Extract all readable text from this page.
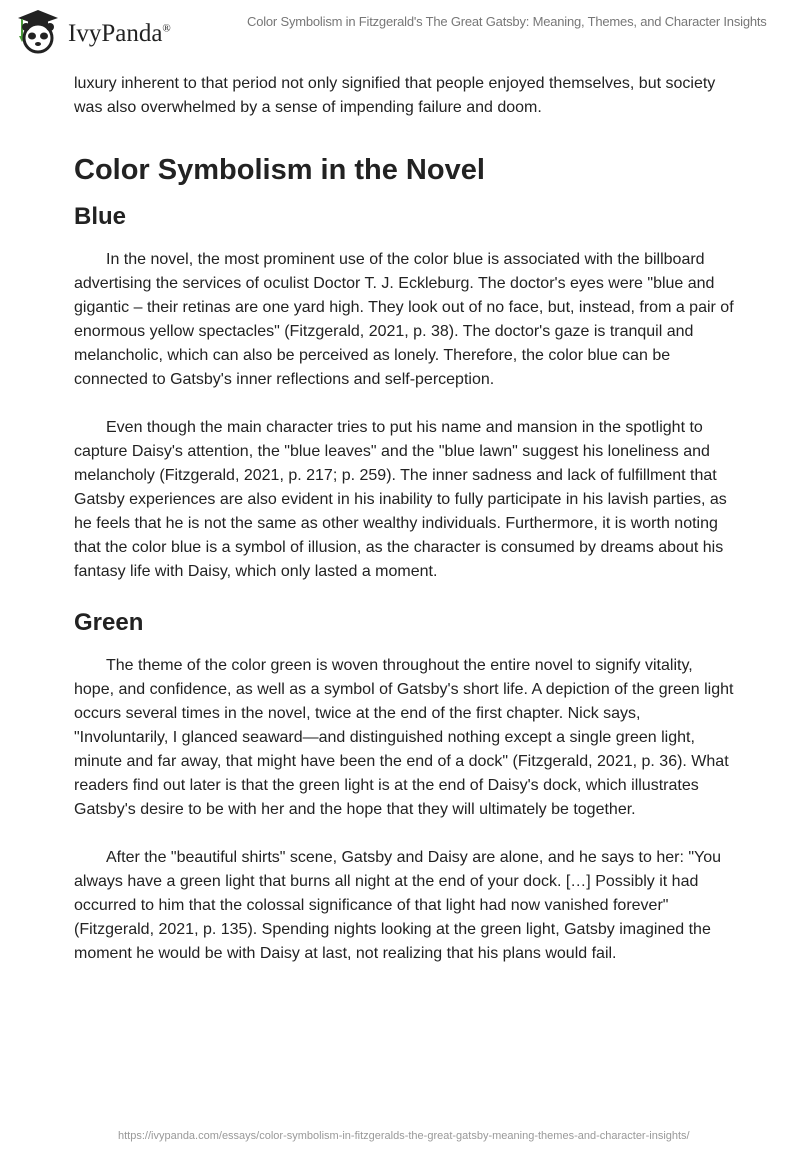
IvyPanda®	Color Symbolism in Fitzgerald's The Great Gatsby: Meaning, Themes, and Character Insights

luxury inherent to that period not only signified that people enjoyed themselves, but society was also overwhelmed by a sense of impending failure and doom.

Color Symbolism in the Novel
Blue

In the novel, the most prominent use of the color blue is associated with the billboard advertising the services of oculist Doctor T. J. Eckleburg. The doctor's eyes were "blue and gigantic – their retinas are one yard high. They look out of no face, but, instead, from a pair of enormous yellow spectacles" (Fitzgerald, 2021, p. 38). The doctor's gaze is tranquil and melancholic, which can also be perceived as lonely. Therefore, the color blue can be connected to Gatsby's inner reflections and self-perception.

Even though the main character tries to put his name and mansion in the spotlight to capture Daisy's attention, the "blue leaves" and the "blue lawn" suggest his loneliness and melancholy (Fitzgerald, 2021, p. 217; p. 259). The inner sadness and lack of fulfillment that Gatsby experiences are also evident in his inability to fully participate in his lavish parties, as he feels that he is not the same as other wealthy individuals. Furthermore, it is worth noting that the color blue is a symbol of illusion, as the character is consumed by dreams about his fantasy life with Daisy, which only lasted a moment.

Green

The theme of the color green is woven throughout the entire novel to signify vitality, hope, and confidence, as well as a symbol of Gatsby's short life. A depiction of the green light occurs several times in the novel, twice at the end of the first chapter. Nick says, "Involuntarily, I glanced seaward—and distinguished nothing except a single green light, minute and far away, that might have been the end of a dock" (Fitzgerald, 2021, p. 36). What readers find out later is that the green light is at the end of Daisy's dock, which illustrates Gatsby's desire to be with her and the hope that they will ultimately be together.

After the "beautiful shirts" scene, Gatsby and Daisy are alone, and he says to her: "You always have a green light that burns all night at the end of your dock. […] Possibly it had occurred to him that the colossal significance of that light had now vanished forever" (Fitzgerald, 2021, p. 135). Spending nights looking at the green light, Gatsby imagined the moment he would be with Daisy at last, not realizing that his plans would fail.

https://ivypanda.com/essays/color-symbolism-in-fitzgeralds-the-great-gatsby-meaning-themes-and-character-insights/
